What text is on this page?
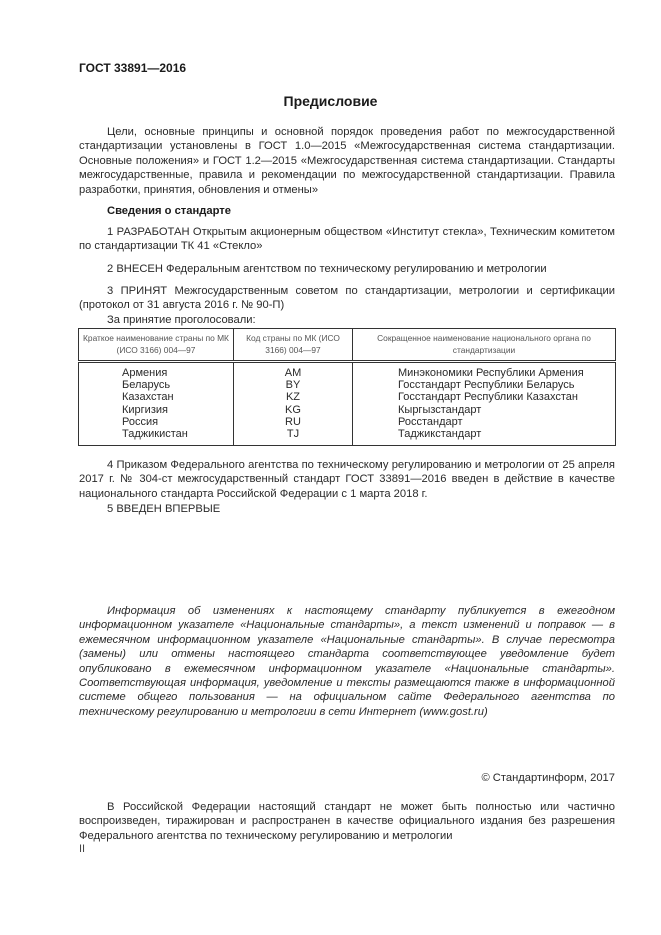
ГОСТ 33891—2016
Предисловие
Цели, основные принципы и основной порядок проведения работ по межгосударственной стандартизации установлены в ГОСТ 1.0—2015 «Межгосударственная система стандартизации. Основные положения» и ГОСТ 1.2—2015 «Межгосударственная система стандартизации. Стандарты межгосударственные, правила и рекомендации по межгосударственной стандартизации. Правила разработки, принятия, обновления и отмены»
Сведения о стандарте
1 РАЗРАБОТАН Открытым акционерным обществом «Институт стекла», Техническим комитетом по стандартизации ТК 41 «Стекло»
2 ВНЕСЕН Федеральным агентством по техническому регулированию и метрологии
3 ПРИНЯТ Межгосударственным советом по стандартизации, метрологии и сертификации (протокол от 31 августа 2016 г. № 90-П)
За принятие проголосовали:
Краткое наименование страны по МК (ИСО 3166) 004—97	Код страны по МК (ИСО 3166) 004—97	Сокращенное наименование национального органа по стандартизации
Армения	AM	Минэкономики Республики Армения
Беларусь	BY	Госстандарт Республики Беларусь
Казахстан	KZ	Госстандарт Республики Казахстан
Киргизия	KG	Кыргызстандарт
Россия	RU	Росстандарт
Таджикистан	TJ	Таджикстандарт
4 Приказом Федерального агентства по техническому регулированию и метрологии от 25 апреля 2017 г. № 304-ст межгосударственный стандарт ГОСТ 33891—2016 введен в действие в качестве национального стандарта Российской Федерации с 1 марта 2018 г.
5 ВВЕДЕН ВПЕРВЫЕ
Информация об изменениях к настоящему стандарту публикуется в ежегодном информационном указателе «Национальные стандарты», а текст изменений и поправок — в ежемесячном информационном указателе «Национальные стандарты». В случае пересмотра (замены) или отмены настоящего стандарта соответствующее уведомление будет опубликовано в ежемесячном информационном указателе «Национальные стандарты». Соответствующая информация, уведомление и тексты размещаются также в информационной системе общего пользования — на официальном сайте Федерального агентства по техническому регулированию и метрологии в сети Интернет (www.gost.ru)
© Стандартинформ, 2017
В Российской Федерации настоящий стандарт не может быть полностью или частично воспроизведен, тиражирован и распространен в качестве официального издания без разрешения Федерального агентства по техническому регулированию и метрологии
II
